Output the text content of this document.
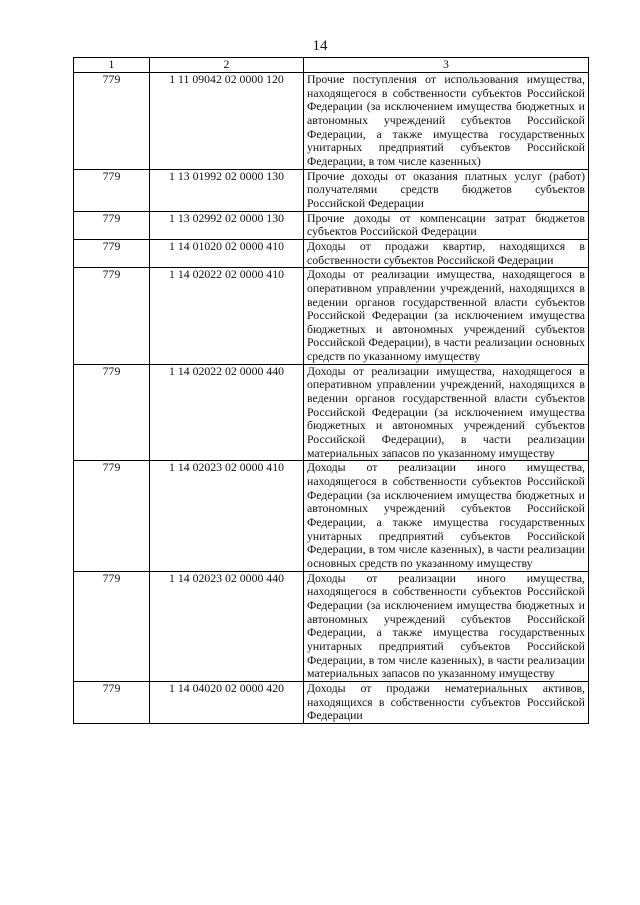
14
1	2	3
779	1 11 09042 02 0000 120	Прочие поступления от использования имущества, находящегося в собственности субъектов Российской Федерации (за исключением имущества бюджетных и автономных учреждений субъектов Российской Федерации, а также имущества государственных унитарных предприятий субъектов Российской Федерации, в том числе казенных)
779	1 13 01992 02 0000 130	Прочие доходы от оказания платных услуг (работ) получателями средств бюджетов субъектов Российской Федерации
779	1 13 02992 02 0000 130	Прочие доходы от компенсации затрат бюджетов субъектов Российской Федерации
779	1 14 01020 02 0000 410	Доходы от продажи квартир, находящихся в собственности субъектов Российской Федерации
779	1 14 02022 02 0000 410	Доходы от реализации имущества, находящегося в оперативном управлении учреждений, находящихся в ведении органов государственной власти субъектов Российской Федерации (за исключением имущества бюджетных и автономных учреждений субъектов Российской Федерации), в части реализации основных средств по указанному имуществу
779	1 14 02022 02 0000 440	Доходы от реализации имущества, находящегося в оперативном управлении учреждений, находящихся в ведении органов государственной власти субъектов Российской Федерации (за исключением имущества бюджетных и автономных учреждений субъектов Российской Федерации), в части реализации материальных запасов по указанному имуществу
779	1 14 02023 02 0000 410	Доходы от реализации иного имущества, находящегося в собственности субъектов Российской Федерации (за исключением имущества бюджетных и автономных учреждений субъектов Российской Федерации, а также имущества государственных унитарных предприятий субъектов Российской Федерации, в том числе казенных), в части реализации основных средств по указанному имуществу
779	1 14 02023 02 0000 440	Доходы от реализации иного имущества, находящегося в собственности субъектов Российской Федерации (за исключением имущества бюджетных и автономных учреждений субъектов Российской Федерации, а также имущества государственных унитарных предприятий субъектов Российской Федерации, в том числе казенных), в части реализации материальных запасов по указанному имуществу
779	1 14 04020 02 0000 420	Доходы от продажи нематериальных активов, находящихся в собственности субъектов Российской Федерации
